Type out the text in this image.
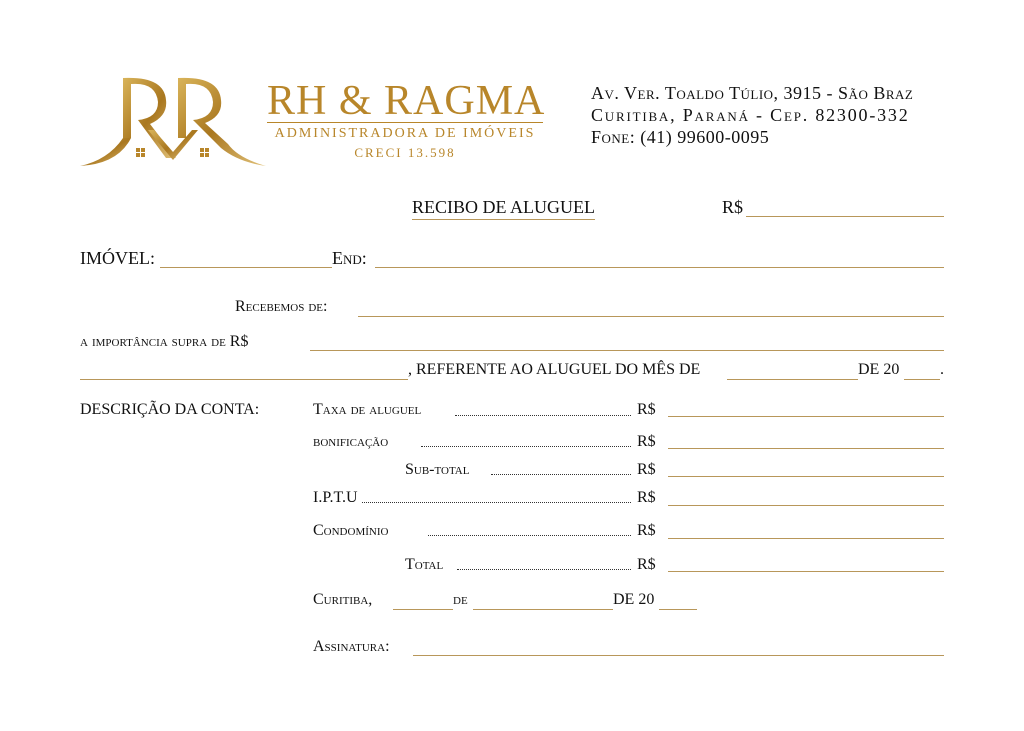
RH & RAGMA
ADMINISTRADORA DE IMÓVEIS
CRECI 13.598
Av. Ver. Toaldo Túlio, 3915 - São Braz
Curitiba, Paraná - Cep. 82300-332
Fone: (41) 99600-0095
RECIBO DE ALUGUEL	R$
IMÓVEL:	End:
Recebemos de:
a importância supra de R$
, REFERENTE AO ALUGUEL DO MÊS DE	DE 20	.
DESCRIÇÃO DA CONTA:	Taxa de aluguel	R$
bonificação	R$
Sub-total	R$
I.P.T.U	R$
Condomínio	R$
Total	R$
Curitiba,	de	DE 20
Assinatura:
